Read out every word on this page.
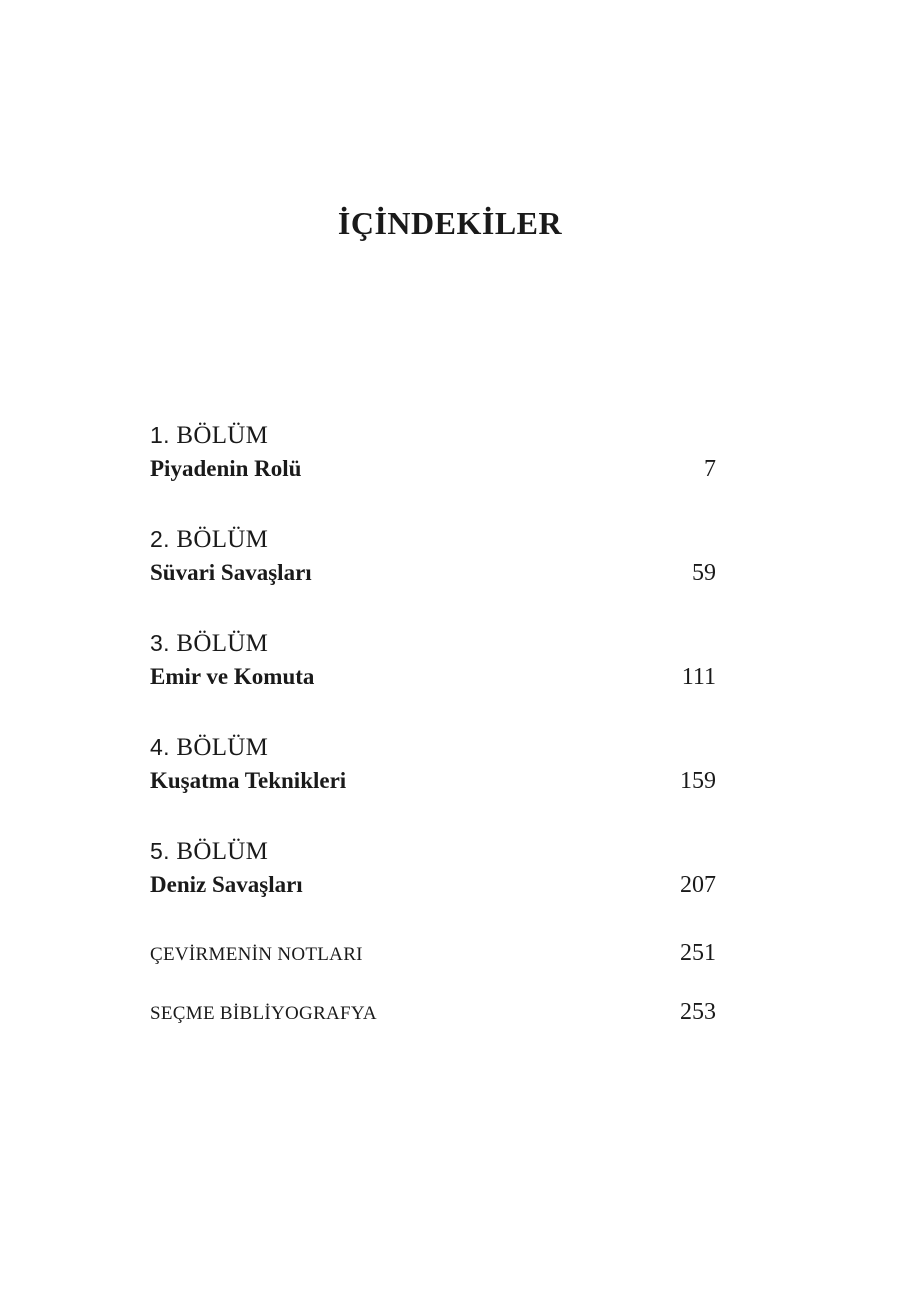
İÇİNDEKİLER
1. BÖLÜM
Piyadenin Rolü	7
2. BÖLÜM
Süvari Savaşları	59
3. BÖLÜM
Emir ve Komuta	111
4. BÖLÜM
Kuşatma Teknikleri	159
5. BÖLÜM
Deniz Savaşları	207
ÇEVİRMENİN NOTLARI	251
SEÇME BİBLİYOGRAFYA	253
